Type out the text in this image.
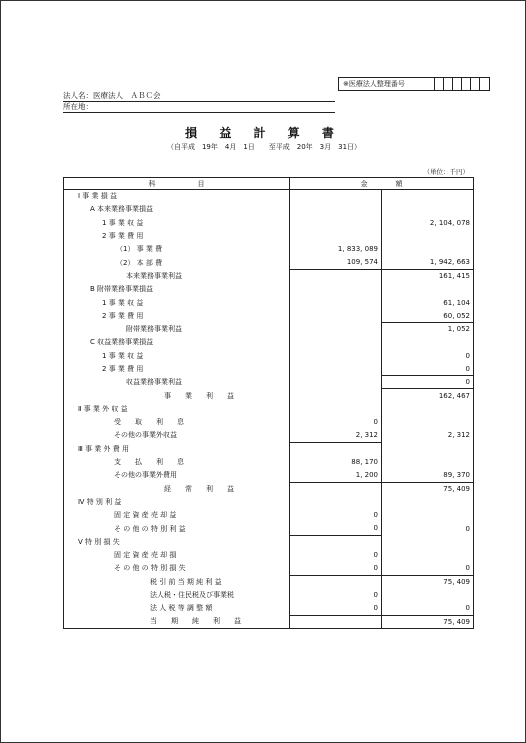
※医療法人整理番号
法人名：医療法人　ＡＢＣ会
所在地：
損 益 計 算 書
（自平成　19年　4月　1日　　至平成　20年　3月　31日）
（単位：千円）
科　　　　　　目	金　　　　額	
Ⅰ 事 業 損 益		
A 本来業務事業損益		
1 事 業 収 益		2, 104, 078
2 事 業 費 用		
（1） 事 業 費	1, 833, 089	
（2） 本 部 費	109, 574	1, 942, 663
本来業務事業利益		161, 415
B 附帯業務事業損益		
1 事 業 収 益		61, 104
2 事 業 費 用		60, 052
附帯業務事業利益		1, 052
C 収益業務事業損益		
1 事 業 収 益		0
2 事 業 費 用		0
収益業務事業利益		0
事　　業　　利　　益		162, 467
Ⅱ 事 業 外 収 益		
受　　取　　利　　息	0	
その他の事業外収益	2, 312	2, 312
Ⅲ 事 業 外 費 用		
支　　払　　利　　息	88, 170	
その他の事業外費用	1, 200	89, 370
経　　常　　利　　益		75, 409
Ⅳ 特 別 利 益		
固 定 資 産 売 却 益	0	
そ の 他 の 特 別 利 益	0	0
Ⅴ 特 別 損 失		
固 定 資 産 売 却 損	0	
そ の 他 の 特 別 損 失	0	0
税 引 前 当 期 純 利 益		75, 409
法人税・住民税及び事業税	0	
法 人 税 等 調 整 額	0	0
当　　期　　純　　利　　益		75, 409
